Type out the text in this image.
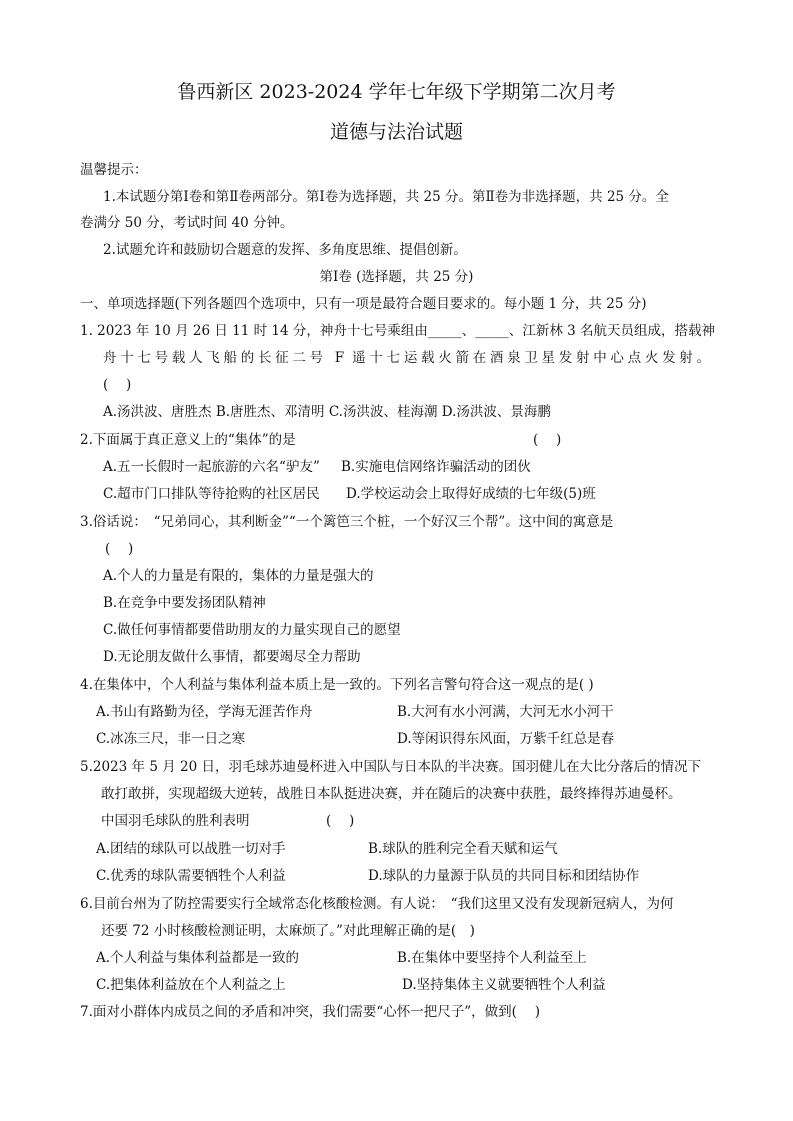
鲁西新区 2023-2024 学年七年级下学期第二次月考
道德与法治试题
温馨提示：
1.本试题分第Ⅰ卷和第Ⅱ卷两部分。第Ⅰ卷为选择题，共 25 分。第Ⅱ卷为非选择题，共 25 分。全
卷满分 50 分，考试时间 40 分钟。
2.试题允许和鼓励切合题意的发挥、多角度思维、提倡创新。
第Ⅰ卷 (选择题，共 25 分)
一、单项选择题(下列各题四个选项中，只有一项是最符合题目要求的。每小题 1 分，共 25 分)
1. 2023 年 10 月 26 日 11 时 14 分，神舟十七号乘组由_____、_____、江新林 3 名航天员组成，搭载神
舟十七号载人飞船的长征二号 F 遥十七运载火箭在酒泉卫星发射中心点火发射。
(　 )
A.汤洪波、唐胜杰 B.唐胜杰、邓清明 C.汤洪波、桂海潮 D.汤洪波、景海鹏
2.下面属于真正意义上的“集体”的是	(　 )
A.五一长假时一起旅游的六名“驴友” B.实施电信网络诈骗活动的团伙
C.超市门口排队等待抢购的社区居民 D.学校运动会上取得好成绩的七年级(5)班
3.俗话说：　“兄弟同心，其利断金”“一个篱笆三个桩，一个好汉三个帮”。这中间的寓意是
(　 )
A.个人的力量是有限的，集体的力量是强大的
B.在竞争中要发扬团队精神
C.做任何事情都要借助朋友的力量实现自己的愿望
D.无论朋友做什么事情，都要竭尽全力帮助
4.在集体中，个人利益与集体利益本质上是一致的。下列名言警句符合这一观点的是( )
A.书山有路勤为径，学海无涯苦作舟	B.大河有水小河满，大河无水小河干
C.冰冻三尺，非一日之寒	D.等闲识得东风面，万紫千红总是春
5.2023 年 5 月 20 日，羽毛球苏迪曼杯进入中国队与日本队的半决赛。国羽健儿在大比分落后的情况下
敢打敢拼，实现超级大逆转，战胜日本队挺进决赛，并在随后的决赛中获胜，最终捧得苏迪曼杯。
中国羽毛球队的胜利表明	(　 )
A.团结的球队可以战胜一切对手	B.球队的胜利完全看天赋和运气
C.优秀的球队需要牺牲个人利益	D.球队的力量源于队员的共同目标和团结协作
6.目前台州为了防控需要实行全域常态化核酸检测。有人说：　“我们这里又没有发现新冠病人，为何
还要 72 小时核酸检测证明，太麻烦了。”对此理解正确的是(　)
A.个人利益与集体利益都是一致的	B.在集体中要坚持个人利益至上
C.把集体利益放在个人利益之上	D.坚持集体主义就要牺牲个人利益
7.面对小群体内成员之间的矛盾和冲突，我们需要“心怀一把尺子”，做到(　 )
